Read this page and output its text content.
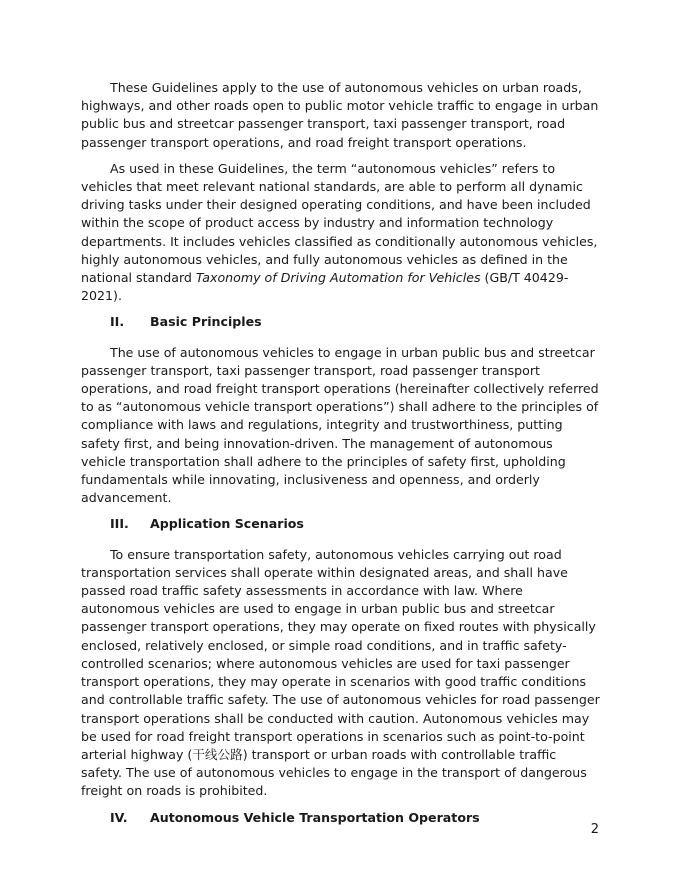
These Guidelines apply to the use of autonomous vehicles on urban roads, highways, and other roads open to public motor vehicle traffic to engage in urban public bus and streetcar passenger transport, taxi passenger transport, road passenger transport operations, and road freight transport operations.

As used in these Guidelines, the term “autonomous vehicles” refers to vehicles that meet relevant national standards, are able to perform all dynamic driving tasks under their designed operating conditions, and have been included within the scope of product access by industry and information technology departments. It includes vehicles classified as conditionally autonomous vehicles, highly autonomous vehicles, and fully autonomous vehicles as defined in the national standard Taxonomy of Driving Automation for Vehicles (GB/T 40429-2021).

II.	Basic Principles

The use of autonomous vehicles to engage in urban public bus and streetcar passenger transport, taxi passenger transport, road passenger transport operations, and road freight transport operations (hereinafter collectively referred to as “autonomous vehicle transport operations”) shall adhere to the principles of compliance with laws and regulations, integrity and trustworthiness, putting safety first, and being innovation-driven. The management of autonomous vehicle transportation shall adhere to the principles of safety first, upholding fundamentals while innovating, inclusiveness and openness, and orderly advancement.

III.	Application Scenarios

To ensure transportation safety, autonomous vehicles carrying out road transportation services shall operate within designated areas, and shall have passed road traffic safety assessments in accordance with law. Where autonomous vehicles are used to engage in urban public bus and streetcar passenger transport operations, they may operate on fixed routes with physically enclosed, relatively enclosed, or simple road conditions, and in traffic safety-controlled scenarios; where autonomous vehicles are used for taxi passenger transport operations, they may operate in scenarios with good traffic conditions and controllable traffic safety. The use of autonomous vehicles for road passenger transport operations shall be conducted with caution. Autonomous vehicles may be used for road freight transport operations in scenarios such as point-to-point arterial highway (干线公路) transport or urban roads with controllable traffic safety. The use of autonomous vehicles to engage in the transport of dangerous freight on roads is prohibited.

IV.	Autonomous Vehicle Transportation Operators
2
